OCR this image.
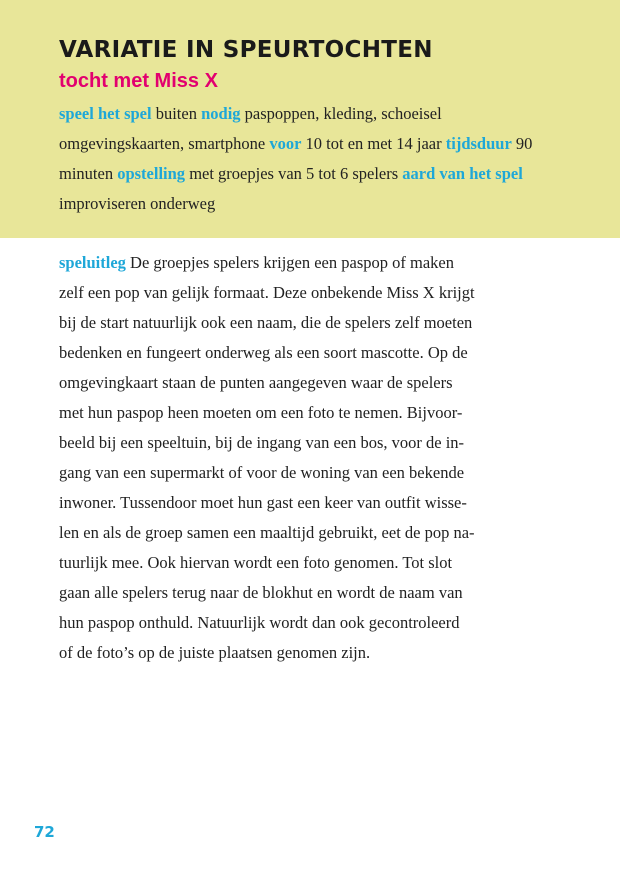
VARIATIE IN SPEURTOCHTEN
tocht met Miss X

speel het spel buiten nodig paspoppen, kleding, schoeisel omgevingskaarten, smartphone voor 10 tot en met 14 jaar tijdsduur 90 minuten opstelling met groepjes van 5 tot 6 spelers aard van het spel improviseren onderweg

speluitleg De groepjes spelers krijgen een paspop of maken
zelf een pop van gelijk formaat. Deze onbekende Miss X krijgt
bij de start natuurlijk ook een naam, die de spelers zelf moeten
bedenken en fungeert onderweg als een soort mascotte. Op de
omgevingkaart staan de punten aangegeven waar de spelers
met hun paspop heen moeten om een foto te nemen. Bijvoor-
beeld bij een speeltuin, bij de ingang van een bos, voor de in-
gang van een supermarkt of voor de woning van een bekende
inwoner. Tussendoor moet hun gast een keer van outfit wisse-
len en als de groep samen een maaltijd gebruikt, eet de pop na-
tuurlijk mee. Ook hiervan wordt een foto genomen. Tot slot
gaan alle spelers terug naar de blokhut en wordt de naam van
hun paspop onthuld. Natuurlijk wordt dan ook gecontroleerd
of de foto’s op de juiste plaatsen genomen zijn.

72
